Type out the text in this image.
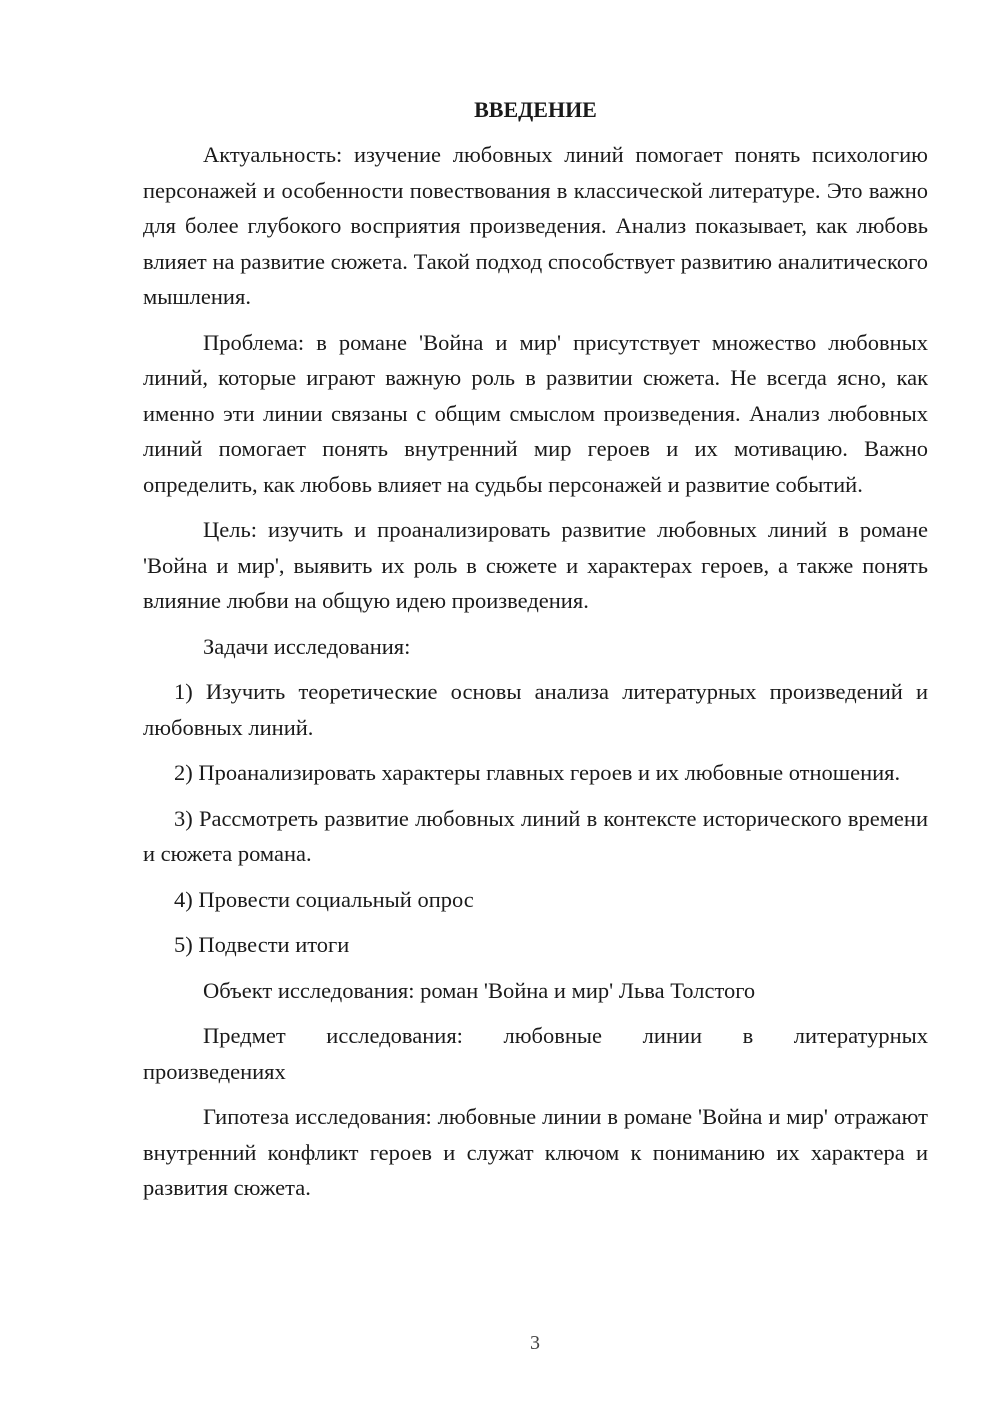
ВВЕДЕНИЕ

Актуальность: изучение любовных линий помогает понять психологию персонажей и особенности повествования в классической литературе. Это важно для более глубокого восприятия произведения. Анализ показывает, как любовь влияет на развитие сюжета. Такой подход способствует развитию аналитического мышления.

Проблема: в романе 'Война и мир' присутствует множество любовных линий, которые играют важную роль в развитии сюжета. Не всегда ясно, как именно эти линии связаны с общим смыслом произведения. Анализ любовных линий помогает понять внутренний мир героев и их мотивацию. Важно определить, как любовь влияет на судьбы персонажей и развитие событий.

Цель: изучить и проанализировать развитие любовных линий в романе 'Война и мир', выявить их роль в сюжете и характерах героев, а также понять влияние любви на общую идею произведения.

Задачи исследования:

1) Изучить теоретические основы анализа литературных произведений и любовных линий.

2) Проанализировать характеры главных героев и их любовные отношения.

3) Рассмотреть развитие любовных линий в контексте исторического времени и сюжета романа.

4) Провести социальный опрос

5) Подвести итоги

Объект исследования: роман 'Война и мир' Льва Толстого

Предмет исследования: любовные линии в литературных

произведениях

Гипотеза исследования: любовные линии в романе 'Война и мир' отражают внутренний конфликт героев и служат ключом к пониманию их характера и развития сюжета.

3
